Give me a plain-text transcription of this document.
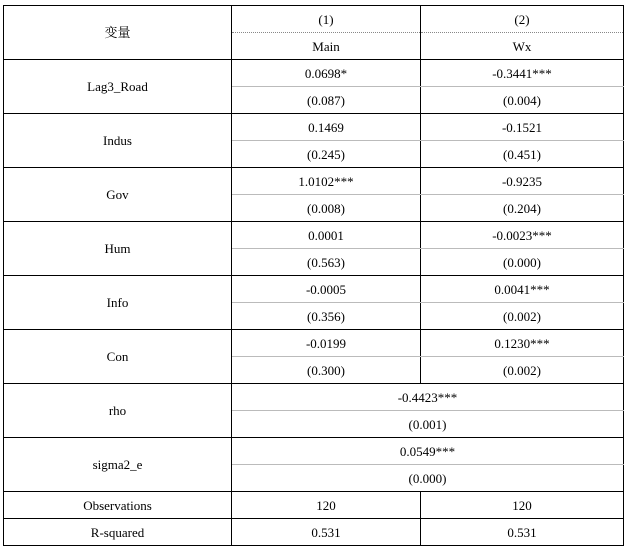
变量	(1)	(2)
	Main	Wx
Lag3_Road	0.0698*	-0.3441***
	(0.087)	(0.004)
Indus	0.1469	-0.1521
	(0.245)	(0.451)
Gov	1.0102***	-0.9235
	(0.008)	(0.204)
Hum	0.0001	-0.0023***
	(0.563)	(0.000)
Info	-0.0005	0.0041***
	(0.356)	(0.002)
Con	-0.0199	0.1230***
	(0.300)	(0.002)
rho	-0.4423***	
	(0.001)	
sigma2_e	0.0549***	
	(0.000)	
Observations	120	120
R-squared	0.531	0.531
